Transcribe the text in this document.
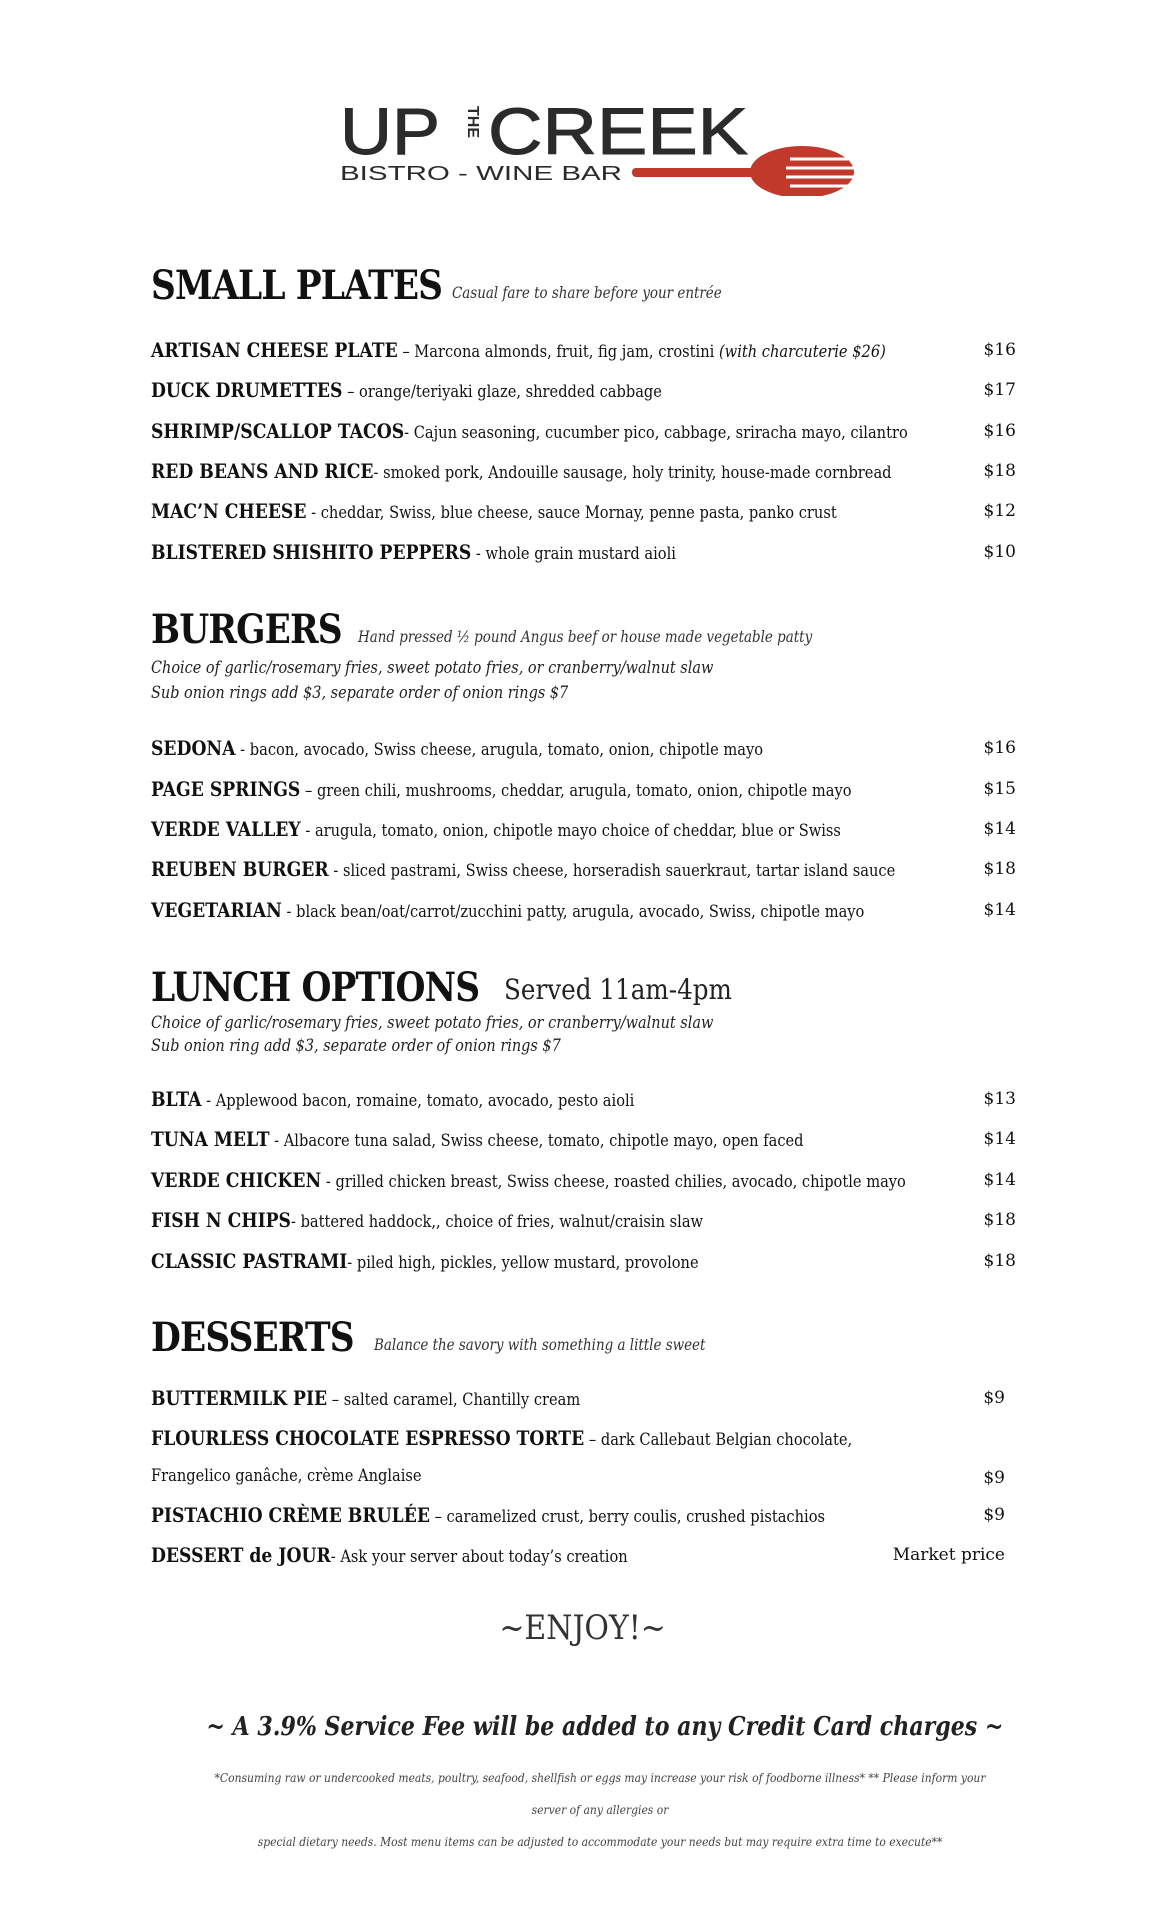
UP THE CREEK
BISTRO - WINE BAR
SMALL PLATES Casual fare to share before your entrée
ARTISAN CHEESE PLATE – Marcona almonds, fruit, fig jam, crostini (with charcuterie $26)	$16
DUCK DRUMETTES – orange/teriyaki glaze, shredded cabbage	$17
SHRIMP/SCALLOP TACOS- Cajun seasoning, cucumber pico, cabbage, sriracha mayo, cilantro	$16
RED BEANS AND RICE- smoked pork, Andouille sausage, holy trinity, house-made cornbread	$18
MAC’N CHEESE - cheddar, Swiss, blue cheese, sauce Mornay, penne pasta, panko crust	$12
BLISTERED SHISHITO PEPPERS - whole grain mustard aioli	$10
BURGERS Hand pressed ½ pound Angus beef or house made vegetable patty
Choice of garlic/rosemary fries, sweet potato fries, or cranberry/walnut slaw
Sub onion rings add $3, separate order of onion rings $7
SEDONA - bacon, avocado, Swiss cheese, arugula, tomato, onion, chipotle mayo	$16
PAGE SPRINGS – green chili, mushrooms, cheddar, arugula, tomato, onion, chipotle mayo	$15
VERDE VALLEY - arugula, tomato, onion, chipotle mayo choice of cheddar, blue or Swiss	$14
REUBEN BURGER - sliced pastrami, Swiss cheese, horseradish sauerkraut, tartar island sauce	$18
VEGETARIAN - black bean/oat/carrot/zucchini patty, arugula, avocado, Swiss, chipotle mayo	$14
LUNCH OPTIONS Served 11am-4pm
Choice of garlic/rosemary fries, sweet potato fries, or cranberry/walnut slaw
Sub onion ring add $3, separate order of onion rings $7
BLTA - Applewood bacon, romaine, tomato, avocado, pesto aioli	$13
TUNA MELT - Albacore tuna salad, Swiss cheese, tomato, chipotle mayo, open faced	$14
VERDE CHICKEN - grilled chicken breast, Swiss cheese, roasted chilies, avocado, chipotle mayo	$14
FISH N CHIPS- battered haddock,, choice of fries, walnut/craisin slaw	$18
CLASSIC PASTRAMI- piled high, pickles, yellow mustard, provolone	$18
DESSERTS Balance the savory with something a little sweet
BUTTERMILK PIE – salted caramel, Chantilly cream	$9
FLOURLESS CHOCOLATE ESPRESSO TORTE – dark Callebaut Belgian chocolate,
Frangelico ganâche, crème Anglaise	$9
PISTACHIO CRÈME BRULÉE – caramelized crust, berry coulis, crushed pistachios	$9
DESSERT de JOUR- Ask your server about today’s creation	Market price
~ENJOY!~
~ A 3.9% Service Fee will be added to any Credit Card charges ~
*Consuming raw or undercooked meats, poultry, seafood, shellfish or eggs may increase your risk of foodborne illness* ** Please inform your server of any allergies or
special dietary needs. Most menu items can be adjusted to accommodate your needs but may require extra time to execute**
